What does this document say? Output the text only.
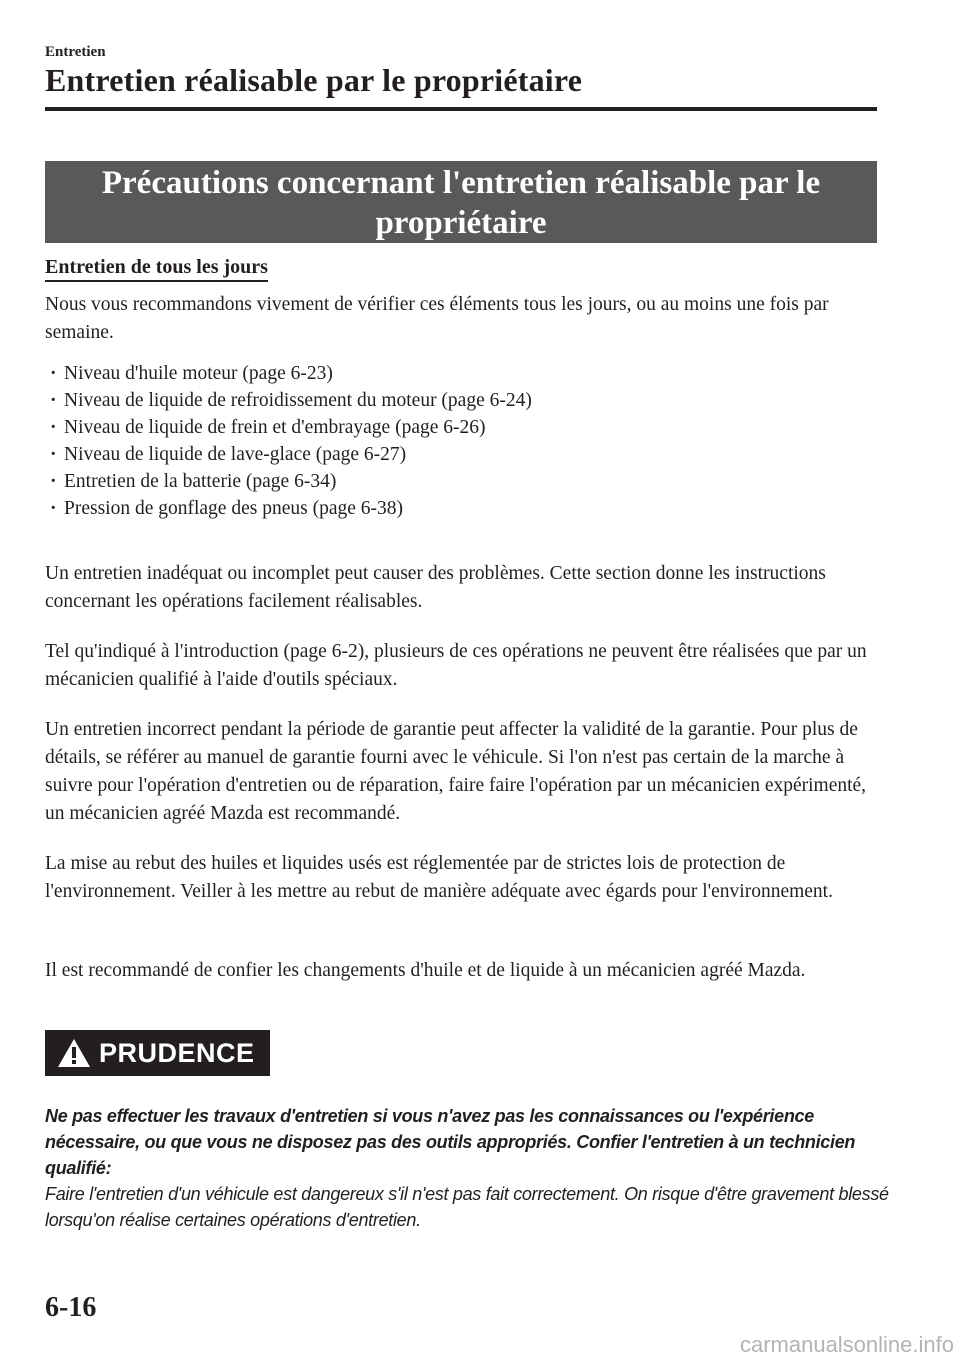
Entretien
Entretien réalisable par le propriétaire
Précautions concernant l'entretien réalisable par le
propriétaire
Entretien de tous les jours

Nous vous recommandons vivement de vérifier ces éléments tous les jours, ou au moins une fois par semaine.

· Niveau d'huile moteur (page 6-23)
· Niveau de liquide de refroidissement du moteur (page 6-24)
· Niveau de liquide de frein et d'embrayage (page 6-26)
· Niveau de liquide de lave-glace (page 6-27)
· Entretien de la batterie (page 6-34)
· Pression de gonflage des pneus (page 6-38)

Un entretien inadéquat ou incomplet peut causer des problèmes. Cette section donne les instructions concernant les opérations facilement réalisables.

Tel qu'indiqué à l'introduction (page 6-2), plusieurs de ces opérations ne peuvent être réalisées que par un mécanicien qualifié à l'aide d'outils spéciaux.

Un entretien incorrect pendant la période de garantie peut affecter la validité de la garantie. Pour plus de détails, se référer au manuel de garantie fourni avec le véhicule. Si l'on n'est pas certain de la marche à suivre pour l'opération d'entretien ou de réparation, faire faire l'opération par un mécanicien expérimenté, un mécanicien agréé Mazda est recommandé.

La mise au rebut des huiles et liquides usés est réglementée par de strictes lois de protection de l'environnement. Veiller à les mettre au rebut de manière adéquate avec égards pour l'environnement.

Il est recommandé de confier les changements d'huile et de liquide à un mécanicien agréé Mazda.

PRUDENCE

Ne pas effectuer les travaux d'entretien si vous n'avez pas les connaissances ou l'expérience nécessaire, ou que vous ne disposez pas des outils appropriés. Confier l'entretien à un technicien qualifié:

Faire l'entretien d'un véhicule est dangereux s'il n'est pas fait correctement. On risque d'être gravement blessé lorsqu'on réalise certaines opérations d'entretien.

6-16
carmanualsonline.info
